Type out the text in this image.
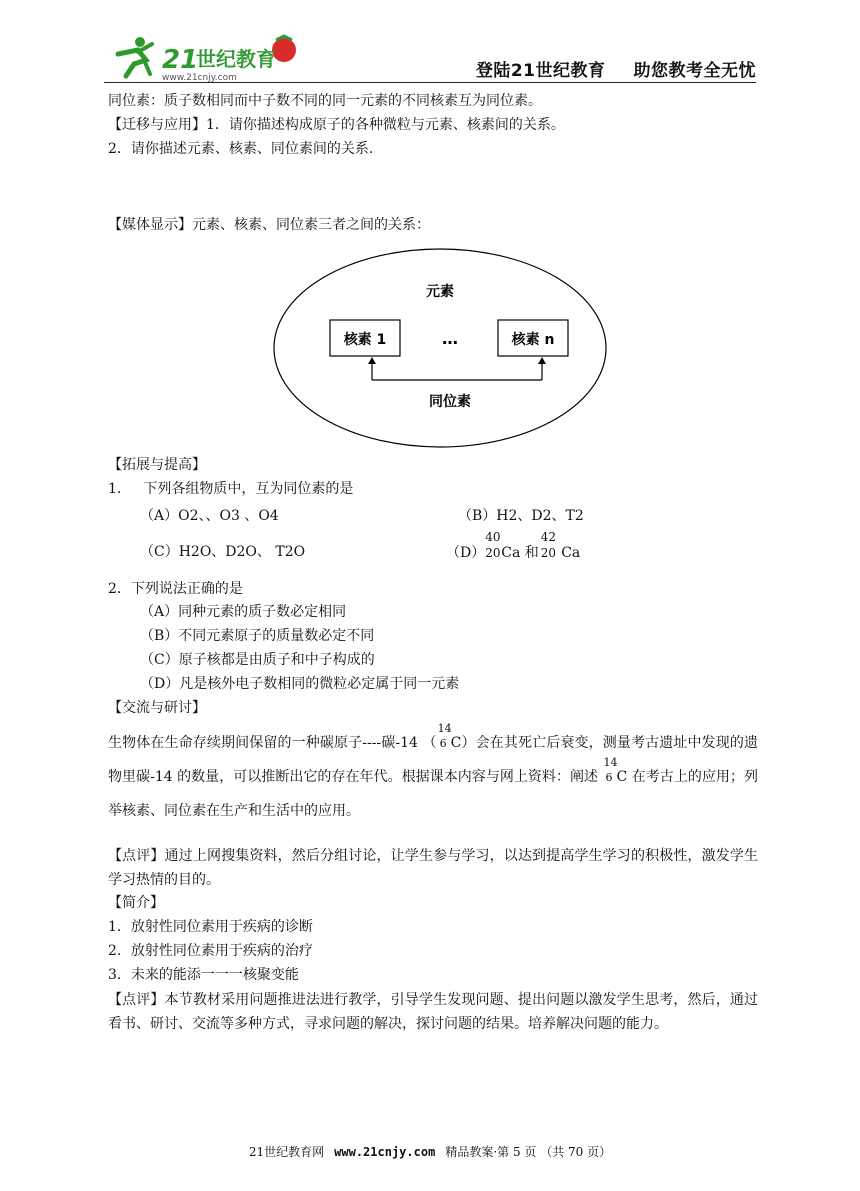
21
世纪教育
www.21cnjy.com	登陆21世纪教育 助您教考全无忧
同位素：质子数相同而中子数不同的同一元素的不同核素互为同位素。
【迁移与应用】1．请你描述构成原子的各种微粒与元素、核素间的关系。
2．请你描述元素、核素、同位素间的关系.
【媒体显示】元素、核素、同位素三者之间的关系：
元素
核素 1	…	核素 n
同位素
【拓展与提高】
1. 下列各组物质中，互为同位素的是
（A）O2、、O3 、O4	（B）H2、D2、T2
（C）H2O、D2O、 T2O	（D）
40
20 Ca 和
42
20 Ca
2．下列说法正确的是
（A）同种元素的质子数必定相同
（B）不同元素原子的质量数必定不同
（C）原子核都是由质子和中子构成的
（D）凡是核外电子数相同的微粒必定属于同一元素
【交流与研讨】
生物体在生命存续期间保留的一种碳原子----碳-14 （
14
6 C）会在其死亡后衰变，测量考古遗址中发现的遗物里碳-14 的数量，可以推断出它的存在年代。根据课本内容与网上资料：阐述
14
6 C 在考古上的应用；列举核素、同位素在生产和生活中的应用。
【点评】通过上网搜集资料，然后分组讨论，让学生参与学习，以达到提高学生学习的积极性，激发学生学习热情的目的。
【简介】
1．放射性同位素用于疾病的诊断
2．放射性同位素用于疾病的治疗
3．未来的能添一一一核聚变能
【点评】本节教材采用问题推进法进行教学，引导学生发现问题、提出问题以激发学生思考，然后，通过看书、研讨、交流等多种方式，寻求问题的解决，探讨问题的结果。培养解决问题的能力。
21世纪教育网 www.21cnjy.com 精品教案·第 5 页 （共 70 页）
